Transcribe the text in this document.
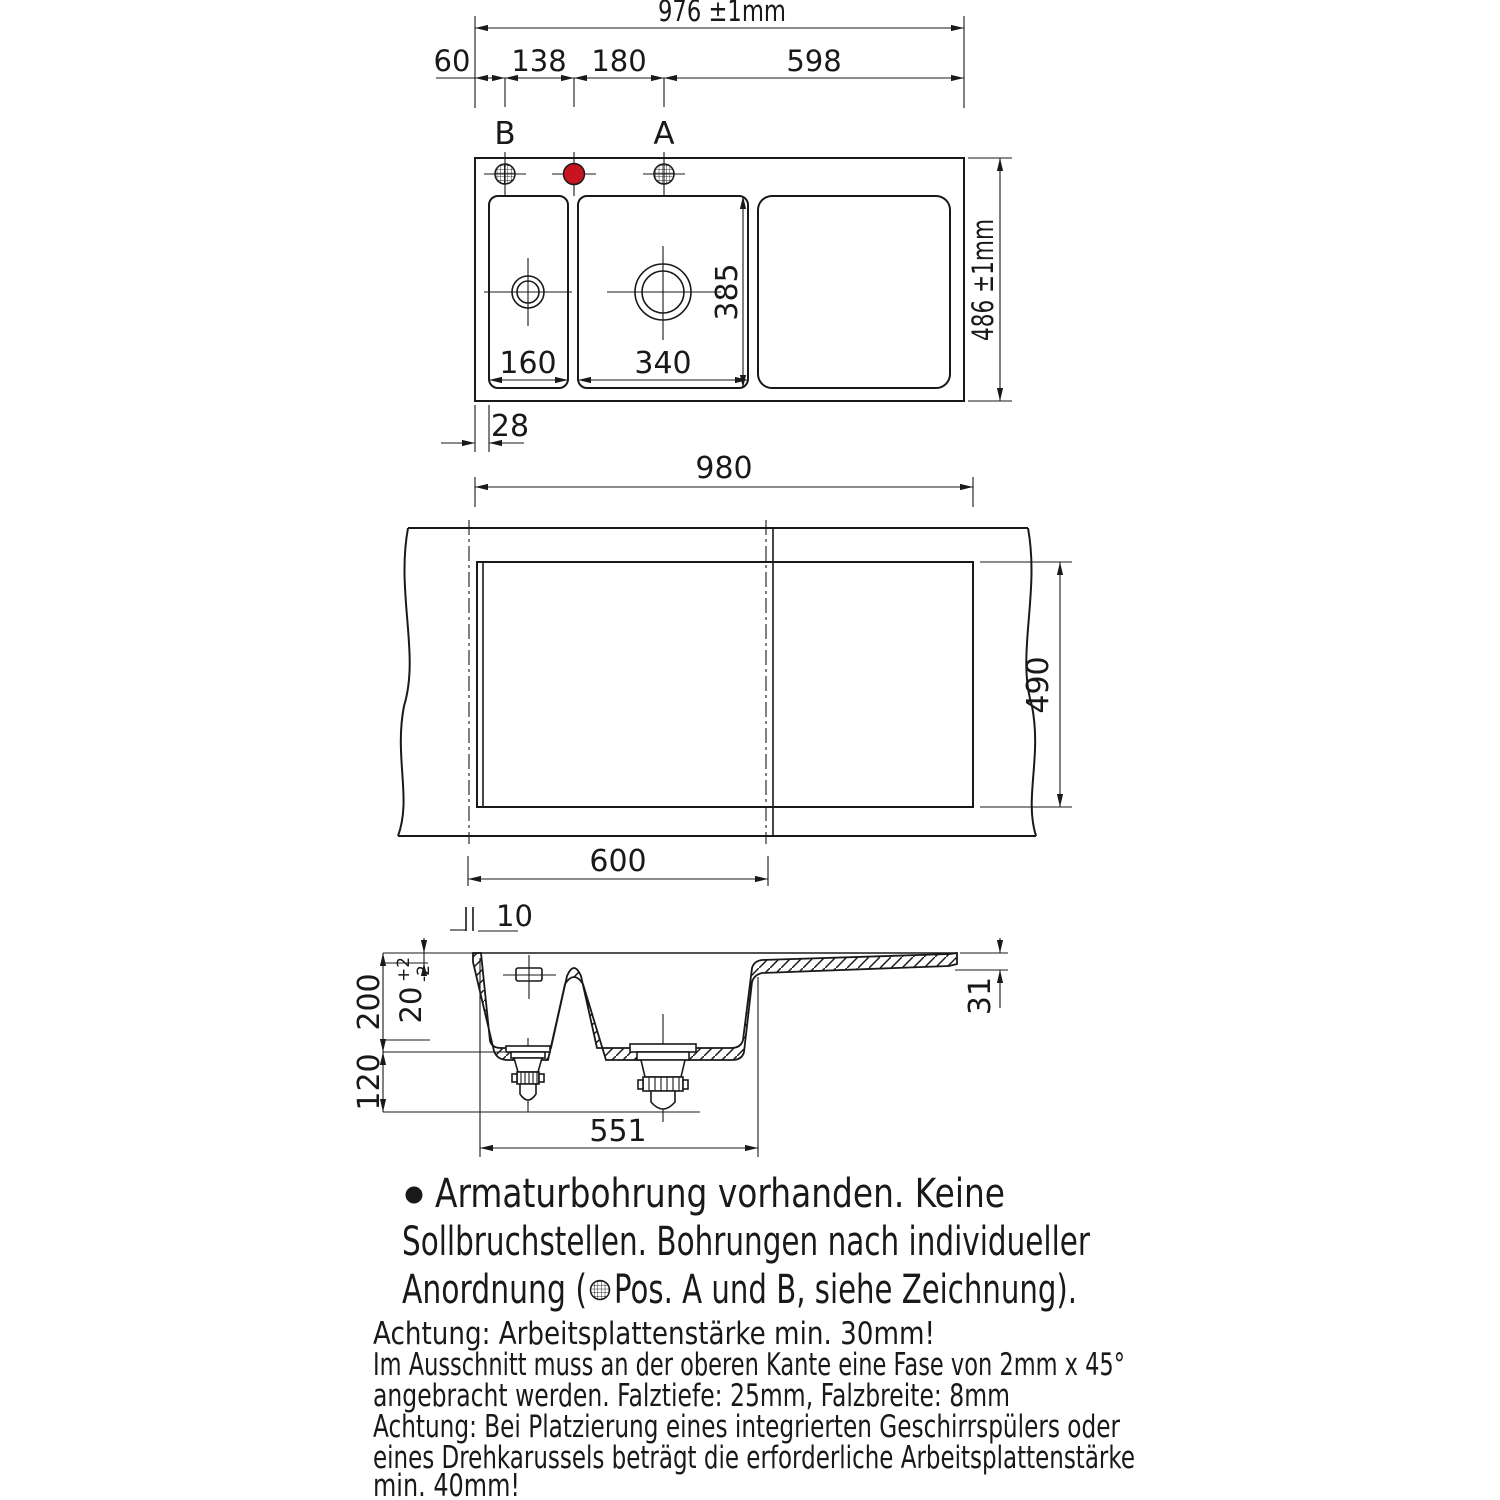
976 ±1mm
60 138 180	598
B	A
160	340
385	486 ±1mm
28
980
490
600
10
200 20
+2 -2
120
31
551
Armaturbohrung vorhanden. Keine
Sollbruchstellen. Bohrungen nach individueller
Anordnung ( Pos. A und B, siehe Zeichnung).
Achtung: Arbeitsplattenstärke min. 30mm!
Im Ausschnitt muss an der oberen Kante eine Fase von 2mm x 45°
angebracht werden. Falztiefe: 25mm, Falzbreite: 8mm
Achtung: Bei Platzierung eines integrierten Geschirrspülers oder
eines Drehkarussels beträgt die erforderliche Arbeitsplattenstärke
min. 40mm!
